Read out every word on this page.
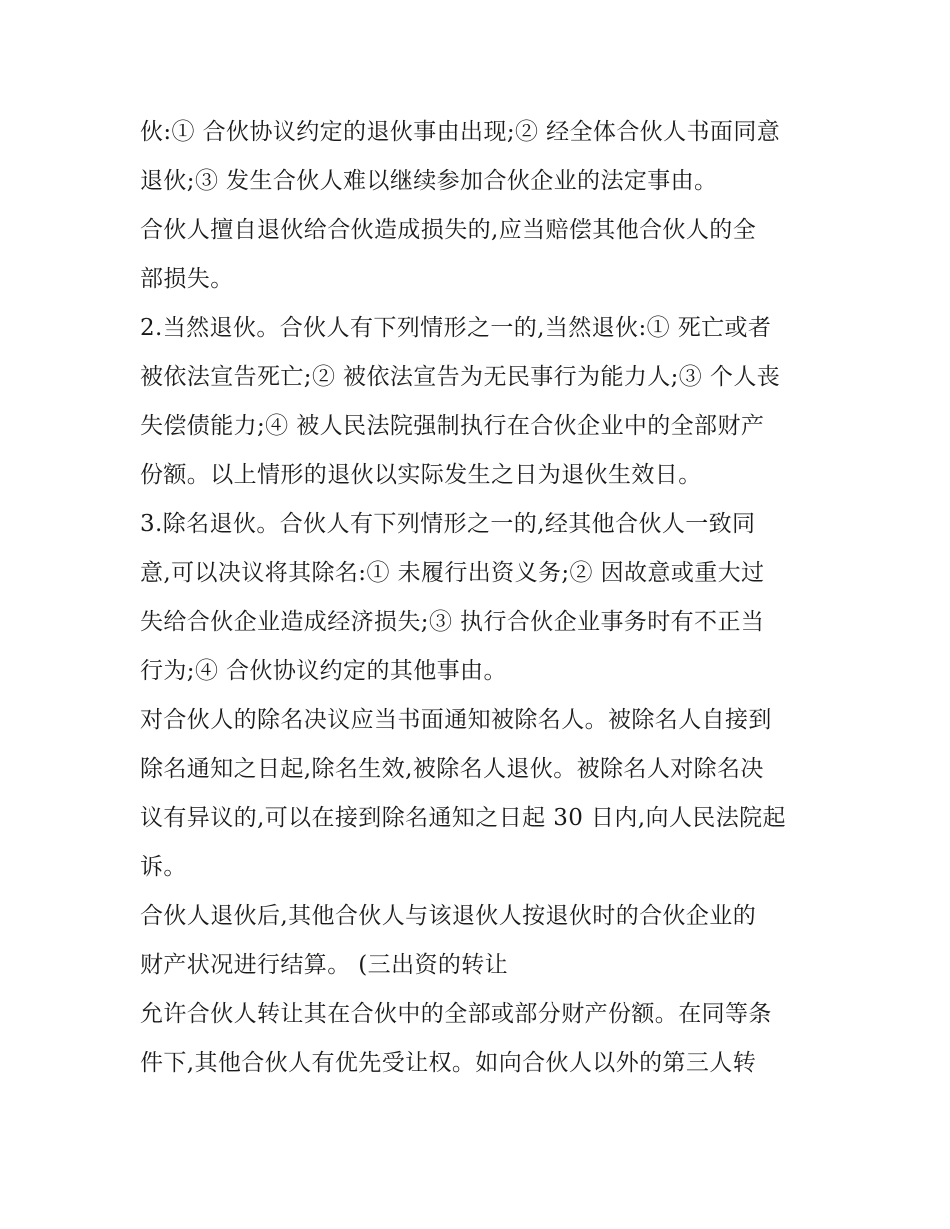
伙:① 合伙协议约定的退伙事由出现;② 经全体合伙人书面同意
退伙;③ 发生合伙人难以继续参加合伙企业的法定事由。
合伙人擅自退伙给合伙造成损失的,应当赔偿其他合伙人的全
部损失。
2.当然退伙。合伙人有下列情形之一的,当然退伙:① 死亡或者
被依法宣告死亡;② 被依法宣告为无民事行为能力人;③ 个人丧
失偿债能力;④ 被人民法院强制执行在合伙企业中的全部财产
份额。以上情形的退伙以实际发生之日为退伙生效日。
3.除名退伙。合伙人有下列情形之一的,经其他合伙人一致同
意,可以决议将其除名:① 未履行出资义务;② 因故意或重大过
失给合伙企业造成经济损失;③ 执行合伙企业事务时有不正当
行为;④ 合伙协议约定的其他事由。
对合伙人的除名决议应当书面通知被除名人。被除名人自接到
除名通知之日起,除名生效,被除名人退伙。被除名人对除名决
议有异议的,可以在接到除名通知之日起 30 日内,向人民法院起
诉。
合伙人退伙后,其他合伙人与该退伙人按退伙时的合伙企业的
财产状况进行结算。 (三出资的转让
允许合伙人转让其在合伙中的全部或部分财产份额。在同等条
件下,其他合伙人有优先受让权。如向合伙人以外的第三人转
